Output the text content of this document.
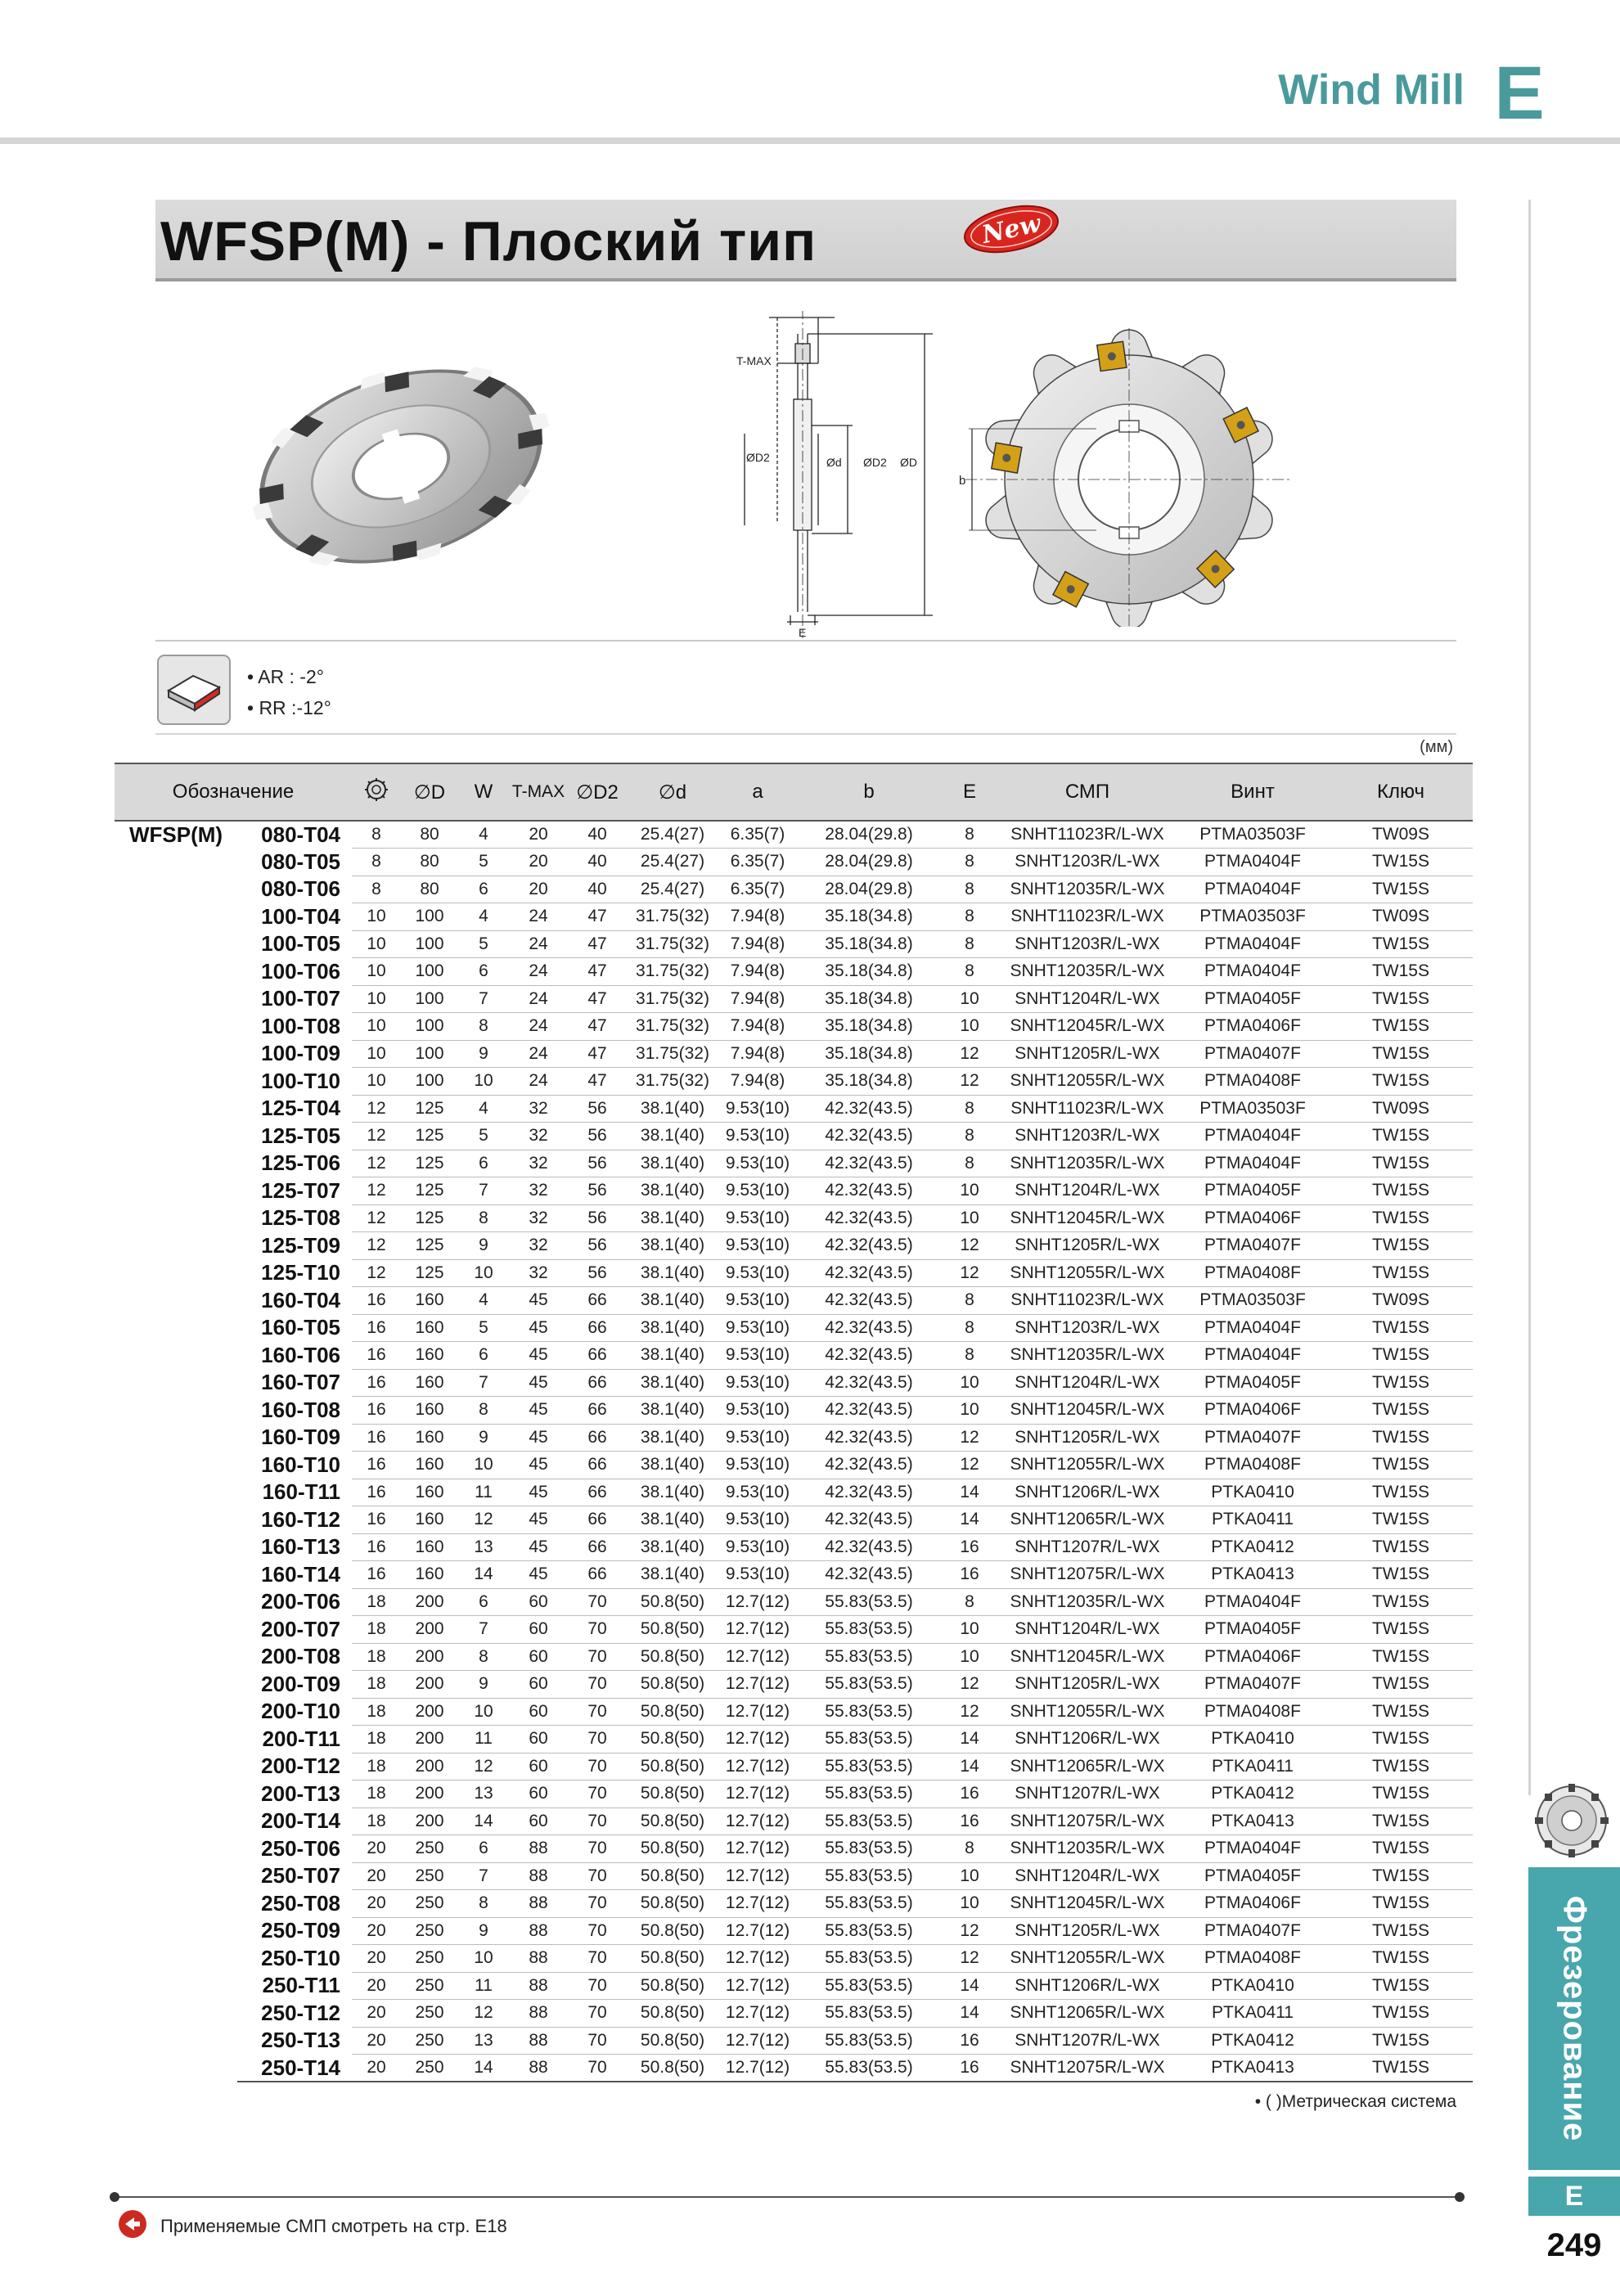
Wind Mill E
Фрезерование
E
249
WFSP(M) - Плоский тип	New
T-MAX
ØD2	Ød ØD2 ØD
E
b
• AR : -2°
• RR :-12°
(мм)
Обозначение			∅D	W	T-MAX	∅D2	∅d	a	b	E	СМП	Винт	Ключ
WFSP(M)	080-T04	8	80	4	20	40	25.4(27)	6.35(7)	28.04(29.8)	8	SNHT11023R/L-WX	PTMA03503F	TW09S
	080-T05	8	80	5	20	40	25.4(27)	6.35(7)	28.04(29.8)	8	SNHT1203R/L-WX	PTMA0404F	TW15S
	080-T06	8	80	6	20	40	25.4(27)	6.35(7)	28.04(29.8)	8	SNHT12035R/L-WX	PTMA0404F	TW15S
	100-T04	10	100	4	24	47	31.75(32)	7.94(8)	35.18(34.8)	8	SNHT11023R/L-WX	PTMA03503F	TW09S
	100-T05	10	100	5	24	47	31.75(32)	7.94(8)	35.18(34.8)	8	SNHT1203R/L-WX	PTMA0404F	TW15S
	100-T06	10	100	6	24	47	31.75(32)	7.94(8)	35.18(34.8)	8	SNHT12035R/L-WX	PTMA0404F	TW15S
	100-T07	10	100	7	24	47	31.75(32)	7.94(8)	35.18(34.8)	10	SNHT1204R/L-WX	PTMA0405F	TW15S
	100-T08	10	100	8	24	47	31.75(32)	7.94(8)	35.18(34.8)	10	SNHT12045R/L-WX	PTMA0406F	TW15S
	100-T09	10	100	9	24	47	31.75(32)	7.94(8)	35.18(34.8)	12	SNHT1205R/L-WX	PTMA0407F	TW15S
	100-T10	10	100	10	24	47	31.75(32)	7.94(8)	35.18(34.8)	12	SNHT12055R/L-WX	PTMA0408F	TW15S
	125-T04	12	125	4	32	56	38.1(40)	9.53(10)	42.32(43.5)	8	SNHT11023R/L-WX	PTMA03503F	TW09S
	125-T05	12	125	5	32	56	38.1(40)	9.53(10)	42.32(43.5)	8	SNHT1203R/L-WX	PTMA0404F	TW15S
	125-T06	12	125	6	32	56	38.1(40)	9.53(10)	42.32(43.5)	8	SNHT12035R/L-WX	PTMA0404F	TW15S
	125-T07	12	125	7	32	56	38.1(40)	9.53(10)	42.32(43.5)	10	SNHT1204R/L-WX	PTMA0405F	TW15S
	125-T08	12	125	8	32	56	38.1(40)	9.53(10)	42.32(43.5)	10	SNHT12045R/L-WX	PTMA0406F	TW15S
	125-T09	12	125	9	32	56	38.1(40)	9.53(10)	42.32(43.5)	12	SNHT1205R/L-WX	PTMA0407F	TW15S
	125-T10	12	125	10	32	56	38.1(40)	9.53(10)	42.32(43.5)	12	SNHT12055R/L-WX	PTMA0408F	TW15S
	160-T04	16	160	4	45	66	38.1(40)	9.53(10)	42.32(43.5)	8	SNHT11023R/L-WX	PTMA03503F	TW09S
	160-T05	16	160	5	45	66	38.1(40)	9.53(10)	42.32(43.5)	8	SNHT1203R/L-WX	PTMA0404F	TW15S
	160-T06	16	160	6	45	66	38.1(40)	9.53(10)	42.32(43.5)	8	SNHT12035R/L-WX	PTMA0404F	TW15S
	160-T07	16	160	7	45	66	38.1(40)	9.53(10)	42.32(43.5)	10	SNHT1204R/L-WX	PTMA0405F	TW15S
	160-T08	16	160	8	45	66	38.1(40)	9.53(10)	42.32(43.5)	10	SNHT12045R/L-WX	PTMA0406F	TW15S
	160-T09	16	160	9	45	66	38.1(40)	9.53(10)	42.32(43.5)	12	SNHT1205R/L-WX	PTMA0407F	TW15S
	160-T10	16	160	10	45	66	38.1(40)	9.53(10)	42.32(43.5)	12	SNHT12055R/L-WX	PTMA0408F	TW15S
	160-T11	16	160	11	45	66	38.1(40)	9.53(10)	42.32(43.5)	14	SNHT1206R/L-WX	PTKA0410	TW15S
	160-T12	16	160	12	45	66	38.1(40)	9.53(10)	42.32(43.5)	14	SNHT12065R/L-WX	PTKA0411	TW15S
	160-T13	16	160	13	45	66	38.1(40)	9.53(10)	42.32(43.5)	16	SNHT1207R/L-WX	PTKA0412	TW15S
	160-T14	16	160	14	45	66	38.1(40)	9.53(10)	42.32(43.5)	16	SNHT12075R/L-WX	PTKA0413	TW15S
	200-T06	18	200	6	60	70	50.8(50)	12.7(12)	55.83(53.5)	8	SNHT12035R/L-WX	PTMA0404F	TW15S
	200-T07	18	200	7	60	70	50.8(50)	12.7(12)	55.83(53.5)	10	SNHT1204R/L-WX	PTMA0405F	TW15S
	200-T08	18	200	8	60	70	50.8(50)	12.7(12)	55.83(53.5)	10	SNHT12045R/L-WX	PTMA0406F	TW15S
	200-T09	18	200	9	60	70	50.8(50)	12.7(12)	55.83(53.5)	12	SNHT1205R/L-WX	PTMA0407F	TW15S
	200-T10	18	200	10	60	70	50.8(50)	12.7(12)	55.83(53.5)	12	SNHT12055R/L-WX	PTMA0408F	TW15S
	200-T11	18	200	11	60	70	50.8(50)	12.7(12)	55.83(53.5)	14	SNHT1206R/L-WX	PTKA0410	TW15S
	200-T12	18	200	12	60	70	50.8(50)	12.7(12)	55.83(53.5)	14	SNHT12065R/L-WX	PTKA0411	TW15S
	200-T13	18	200	13	60	70	50.8(50)	12.7(12)	55.83(53.5)	16	SNHT1207R/L-WX	PTKA0412	TW15S
	200-T14	18	200	14	60	70	50.8(50)	12.7(12)	55.83(53.5)	16	SNHT12075R/L-WX	PTKA0413	TW15S
	250-T06	20	250	6	88	70	50.8(50)	12.7(12)	55.83(53.5)	8	SNHT12035R/L-WX	PTMA0404F	TW15S
	250-T07	20	250	7	88	70	50.8(50)	12.7(12)	55.83(53.5)	10	SNHT1204R/L-WX	PTMA0405F	TW15S
	250-T08	20	250	8	88	70	50.8(50)	12.7(12)	55.83(53.5)	10	SNHT12045R/L-WX	PTMA0406F	TW15S
	250-T09	20	250	9	88	70	50.8(50)	12.7(12)	55.83(53.5)	12	SNHT1205R/L-WX	PTMA0407F	TW15S
	250-T10	20	250	10	88	70	50.8(50)	12.7(12)	55.83(53.5)	12	SNHT12055R/L-WX	PTMA0408F	TW15S
	250-T11	20	250	11	88	70	50.8(50)	12.7(12)	55.83(53.5)	14	SNHT1206R/L-WX	PTKA0410	TW15S
	250-T12	20	250	12	88	70	50.8(50)	12.7(12)	55.83(53.5)	14	SNHT12065R/L-WX	PTKA0411	TW15S
	250-T13	20	250	13	88	70	50.8(50)	12.7(12)	55.83(53.5)	16	SNHT1207R/L-WX	PTKA0412	TW15S
	250-T14	20	250	14	88	70	50.8(50)	12.7(12)	55.83(53.5)	16	SNHT12075R/L-WX	PTKA0413	TW15S
• ( )Метрическая система
Применяемые СМП смотреть на стр. E18
